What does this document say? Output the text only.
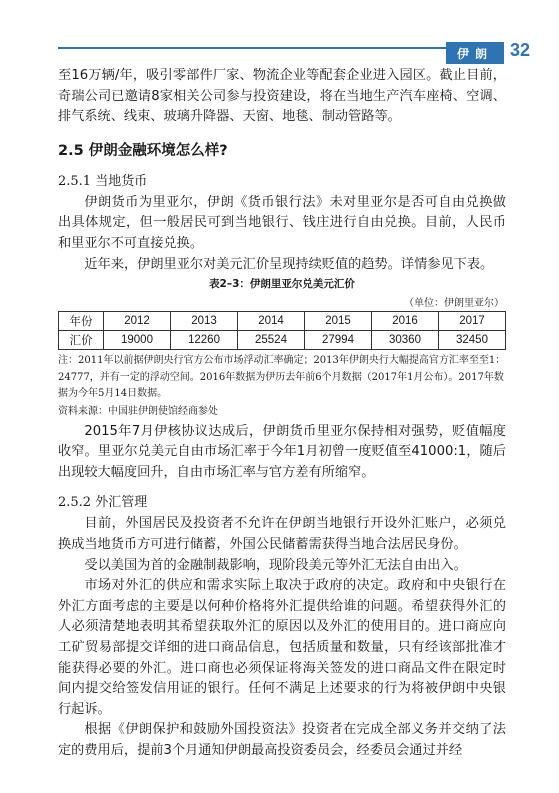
伊朗 32

至16万辆/年，吸引零部件厂家、物流企业等配套企业进入园区。截止目前，奇瑞公司已邀请8家相关公司参与投资建设，将在当地生产汽车座椅、空调、排气系统、线束、玻璃升降器、天窗、地毯、制动管路等。

2.5 伊朗金融环境怎么样?
2.5.1 当地货币

伊朗货币为里亚尔，伊朗《货币银行法》未对里亚尔是否可自由兑换做出具体规定，但一般居民可到当地银行、钱庄进行自由兑换。目前，人民币和里亚尔不可直接兑换。

近年来，伊朗里亚尔对美元汇价呈现持续贬值的趋势。详情参见下表。

表2–3：伊朗里亚尔兑美元汇价
（单位：伊朗里亚尔）
年份	2012	2013	2014	2015	2016	2017
汇价	19000	12260	25524	27994	30360	32450

注：2011年以前据伊朗央行官方公布市场浮动汇率确定；2013年伊朗央行大幅提高官方汇率至至1：24777，并有一定的浮动空间。2016年数据为伊历去年前6个月数据（2017年1月公布）。2017年数据为今年5月14日数据。

资料来源：中国驻伊朗使馆经商参处

2015年7月伊核协议达成后，伊朗货币里亚尔保持相对强势，贬值幅度收窄。里亚尔兑美元自由市场汇率于今年1月初曾一度贬值至41000:1，随后出现较大幅度回升，自由市场汇率与官方差有所缩窄。

2.5.2 外汇管理

目前，外国居民及投资者不允许在伊朗当地银行开设外汇账户，必须兑换成当地货币方可进行储蓄，外国公民储蓄需获得当地合法居民身份。

受以美国为首的金融制裁影响，现阶段美元等外汇无法自由出入。

市场对外汇的供应和需求实际上取决于政府的决定。政府和中央银行在外汇方面考虑的主要是以何种价格将外汇提供给谁的问题。希望获得外汇的人必须清楚地表明其希望获取外汇的原因以及外汇的使用目的。进口商应向工矿贸易部提交详细的进口商品信息，包括质量和数量，只有经该部批准才能获得必要的外汇。进口商也必须保证将海关签发的进口商品文件在限定时间内提交给签发信用证的银行。任何不满足上述要求的行为将被伊朗中央银行起诉。

根据《伊朗保护和鼓励外国投资法》投资者在完成全部义务并交纳了法定的费用后，提前3个月通知伊朗最高投资委员会，经委员会通过并经
